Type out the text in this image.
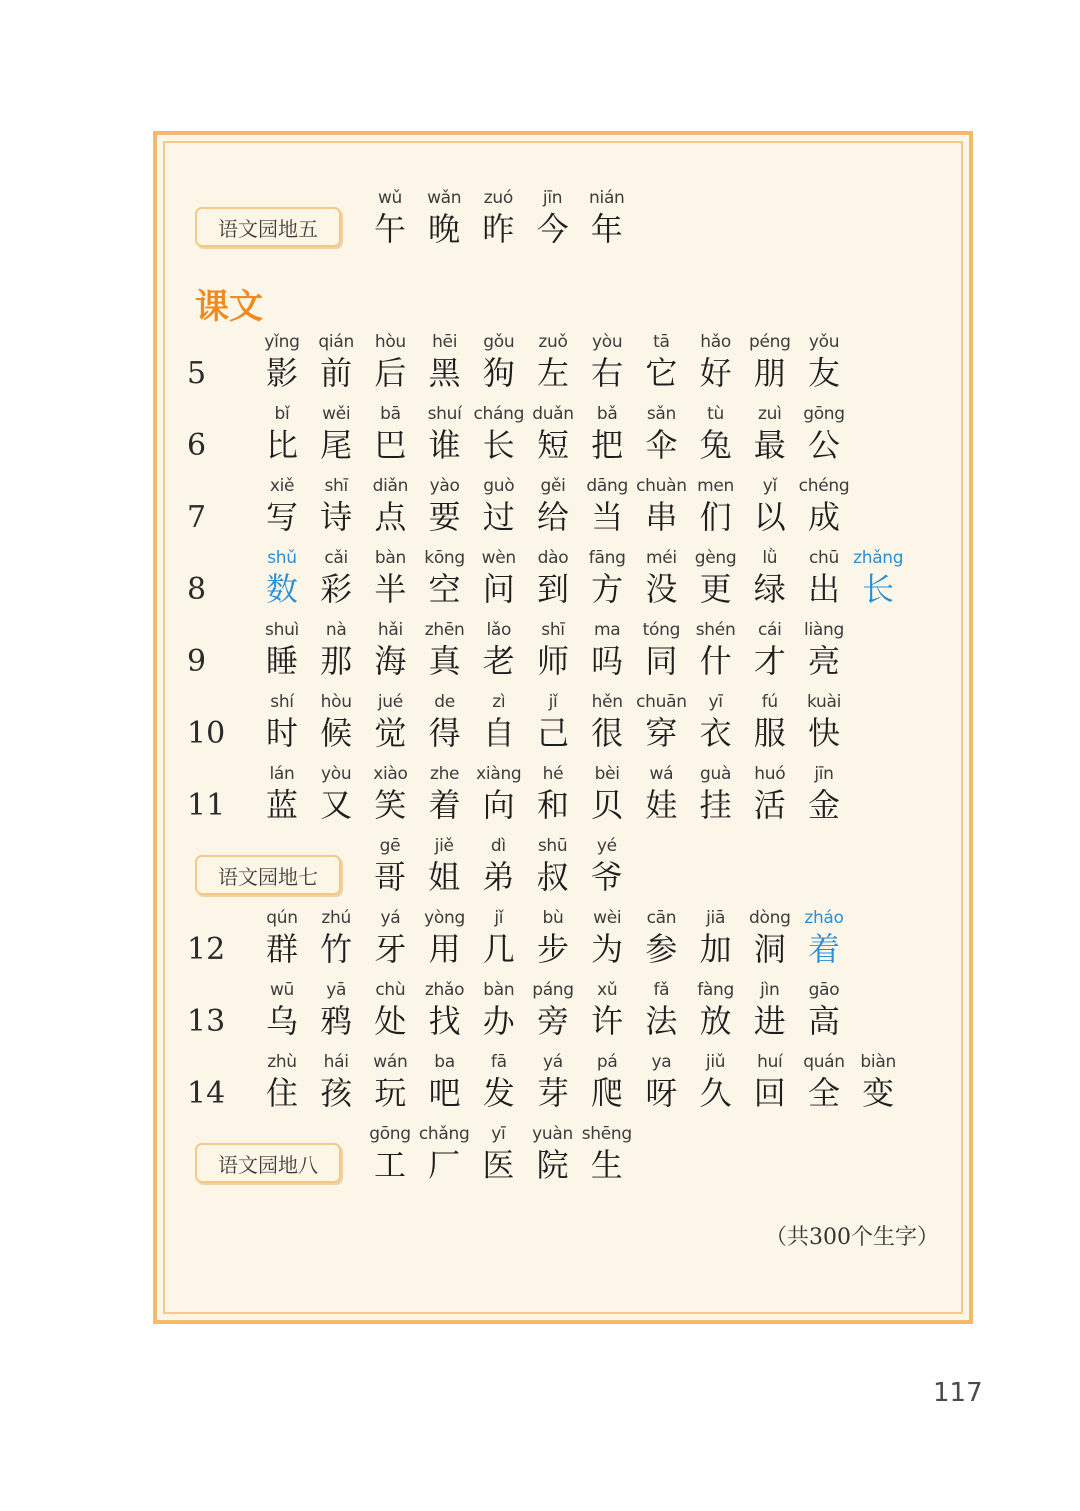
课文
语文园地五
wǔ
午
wǎn
晚
zuó
昨
jīn
今
nián
年
5
yǐng
影
qián
前
hòu
后
hēi
黑
gǒu
狗
zuǒ
左
yòu
右
tā
它
hǎo
好
péng
朋
yǒu
友
6
bǐ
比
wěi
尾
bā
巴
shuí
谁
cháng
长
duǎn
短
bǎ
把
sǎn
伞
tù
兔
zuì
最
gōng
公
7
xiě
写
shī
诗
diǎn
点
yào
要
guò
过
gěi
给
dāng
当
chuàn
串
men
们
yǐ
以
chéng
成
8
shǔ
数
cǎi
彩
bàn
半
kōng
空
wèn
问
dào
到
fāng
方
méi
没
gèng
更
lǜ
绿
chū
出
zhǎng
长
9
shuì
睡
nà
那
hǎi
海
zhēn
真
lǎo
老
shī
师
ma
吗
tóng
同
shén
什
cái
才
liàng
亮
10
shí
时
hòu
候
jué
觉
de
得
zì
自
jǐ
己
hěn
很
chuān
穿
yī
衣
fú
服
kuài
快
11
lán
蓝
yòu
又
xiào
笑
zhe
着
xiàng
向
hé
和
bèi
贝
wá
娃
guà
挂
huó
活
jīn
金
语文园地七
gē
哥
jiě
姐
dì
弟
shū
叔
yé
爷
12
qún
群
zhú
竹
yá
牙
yòng
用
jǐ
几
bù
步
wèi
为
cān
参
jiā
加
dòng
洞
zháo
着
13
wū
乌
yā
鸦
chù
处
zhǎo
找
bàn
办
páng
旁
xǔ
许
fǎ
法
fàng
放
jìn
进
gāo
高
14
zhù
住
hái
孩
wán
玩
ba
吧
fā
发
yá
芽
pá
爬
ya
呀
jiǔ
久
huí
回
quán
全
biàn
变
语文园地八
gōng
工
chǎng
厂
yī
医
yuàn
院
shēng
生
（共300个生字）
117
